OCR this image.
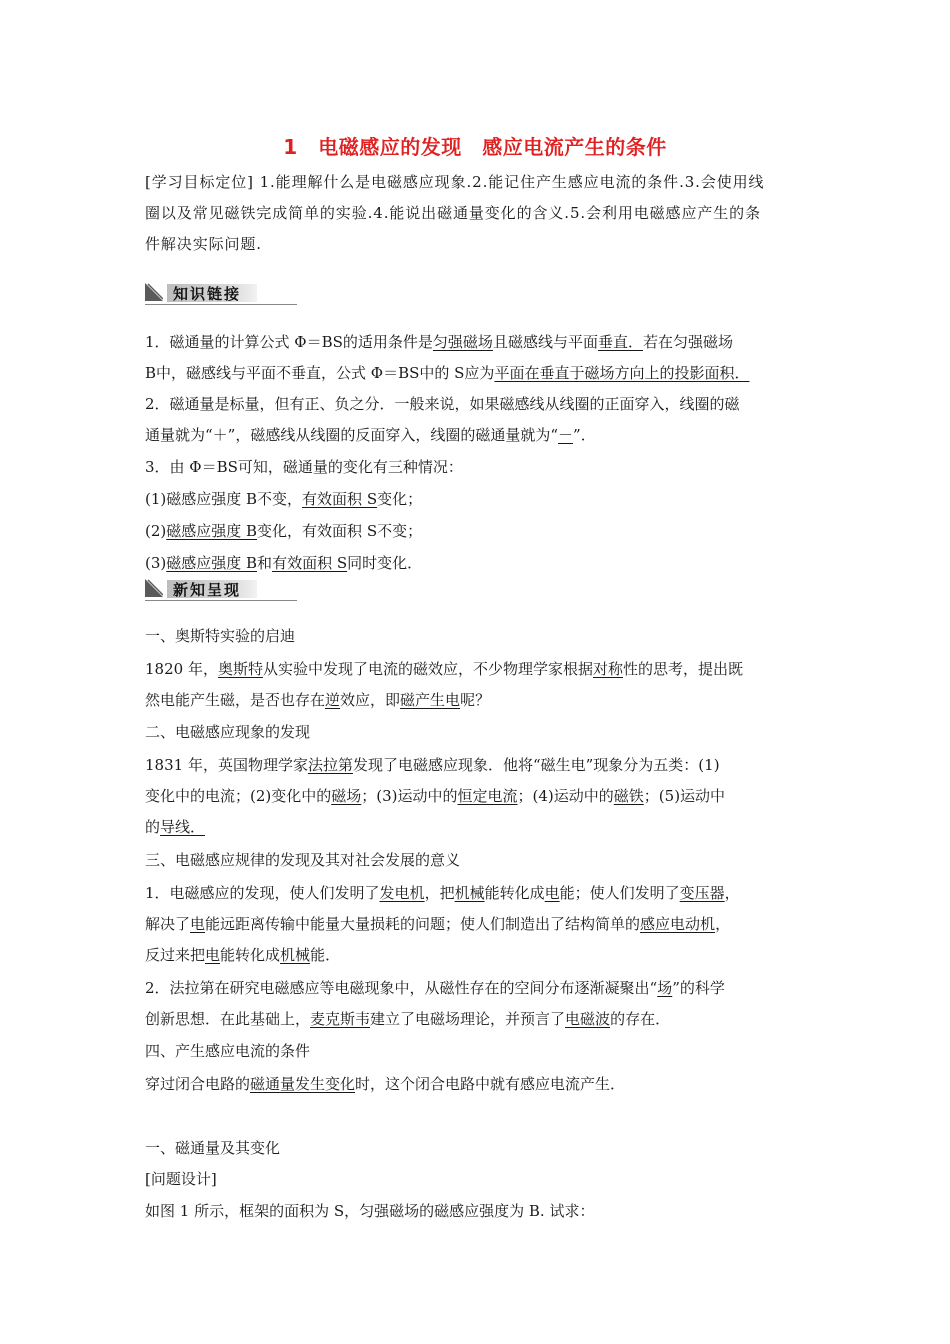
1　电磁感应的发现　感应电流产生的条件
[学习目标定位] 1.能理解什么是电磁感应现象.2.能记住产生感应电流的条件.3.会使用线
圈以及常见磁铁完成简单的实验.4.能说出磁通量变化的含义.5.会利用电磁感应产生的条
件解决实际问题.
知识链接
1．磁通量的计算公式 Φ＝BS的适用条件是匀强磁场且磁感线与平面垂直．若在匀强磁场
B中，磁感线与平面不垂直，公式 Φ＝BS中的 S应为平面在垂直于磁场方向上的投影面积．
2．磁通量是标量，但有正、负之分．一般来说，如果磁感线从线圈的正面穿入，线圈的磁
通量就为“＋”，磁感线从线圈的反面穿入，线圈的磁通量就为“－”．
3．由 Φ＝BS可知，磁通量的变化有三种情况：
(1)磁感应强度 B不变，有效面积 S变化；
(2)磁感应强度 B变化，有效面积 S不变；
(3)磁感应强度 B和有效面积 S同时变化．
新知呈现
一、奥斯特实验的启迪
1820 年，奥斯特从实验中发现了电流的磁效应，不少物理学家根据对称性的思考，提出既
然电能产生磁，是否也存在逆效应，即磁产生电呢？
二、电磁感应现象的发现
1831 年，英国物理学家法拉第发现了电磁感应现象．他将“磁生电”现象分为五类：(1)
变化中的电流；(2)变化中的磁场；(3)运动中的恒定电流；(4)运动中的磁铁；(5)运动中
的导线．
三、电磁感应规律的发现及其对社会发展的意义
1．电磁感应的发现，使人们发明了发电机，把机械能转化成电能；使人们发明了变压器，
解决了电能远距离传输中能量大量损耗的问题；使人们制造出了结构简单的感应电动机，
反过来把电能转化成机械能．
2．法拉第在研究电磁感应等电磁现象中，从磁性存在的空间分布逐渐凝聚出“场”的科学
创新思想．在此基础上，麦克斯韦建立了电磁场理论，并预言了电磁波的存在．
四、产生感应电流的条件
穿过闭合电路的磁通量发生变化时，这个闭合电路中就有感应电流产生．
一、磁通量及其变化
[问题设计]
如图 1 所示，框架的面积为 S，匀强磁场的磁感应强度为 B. 试求：
